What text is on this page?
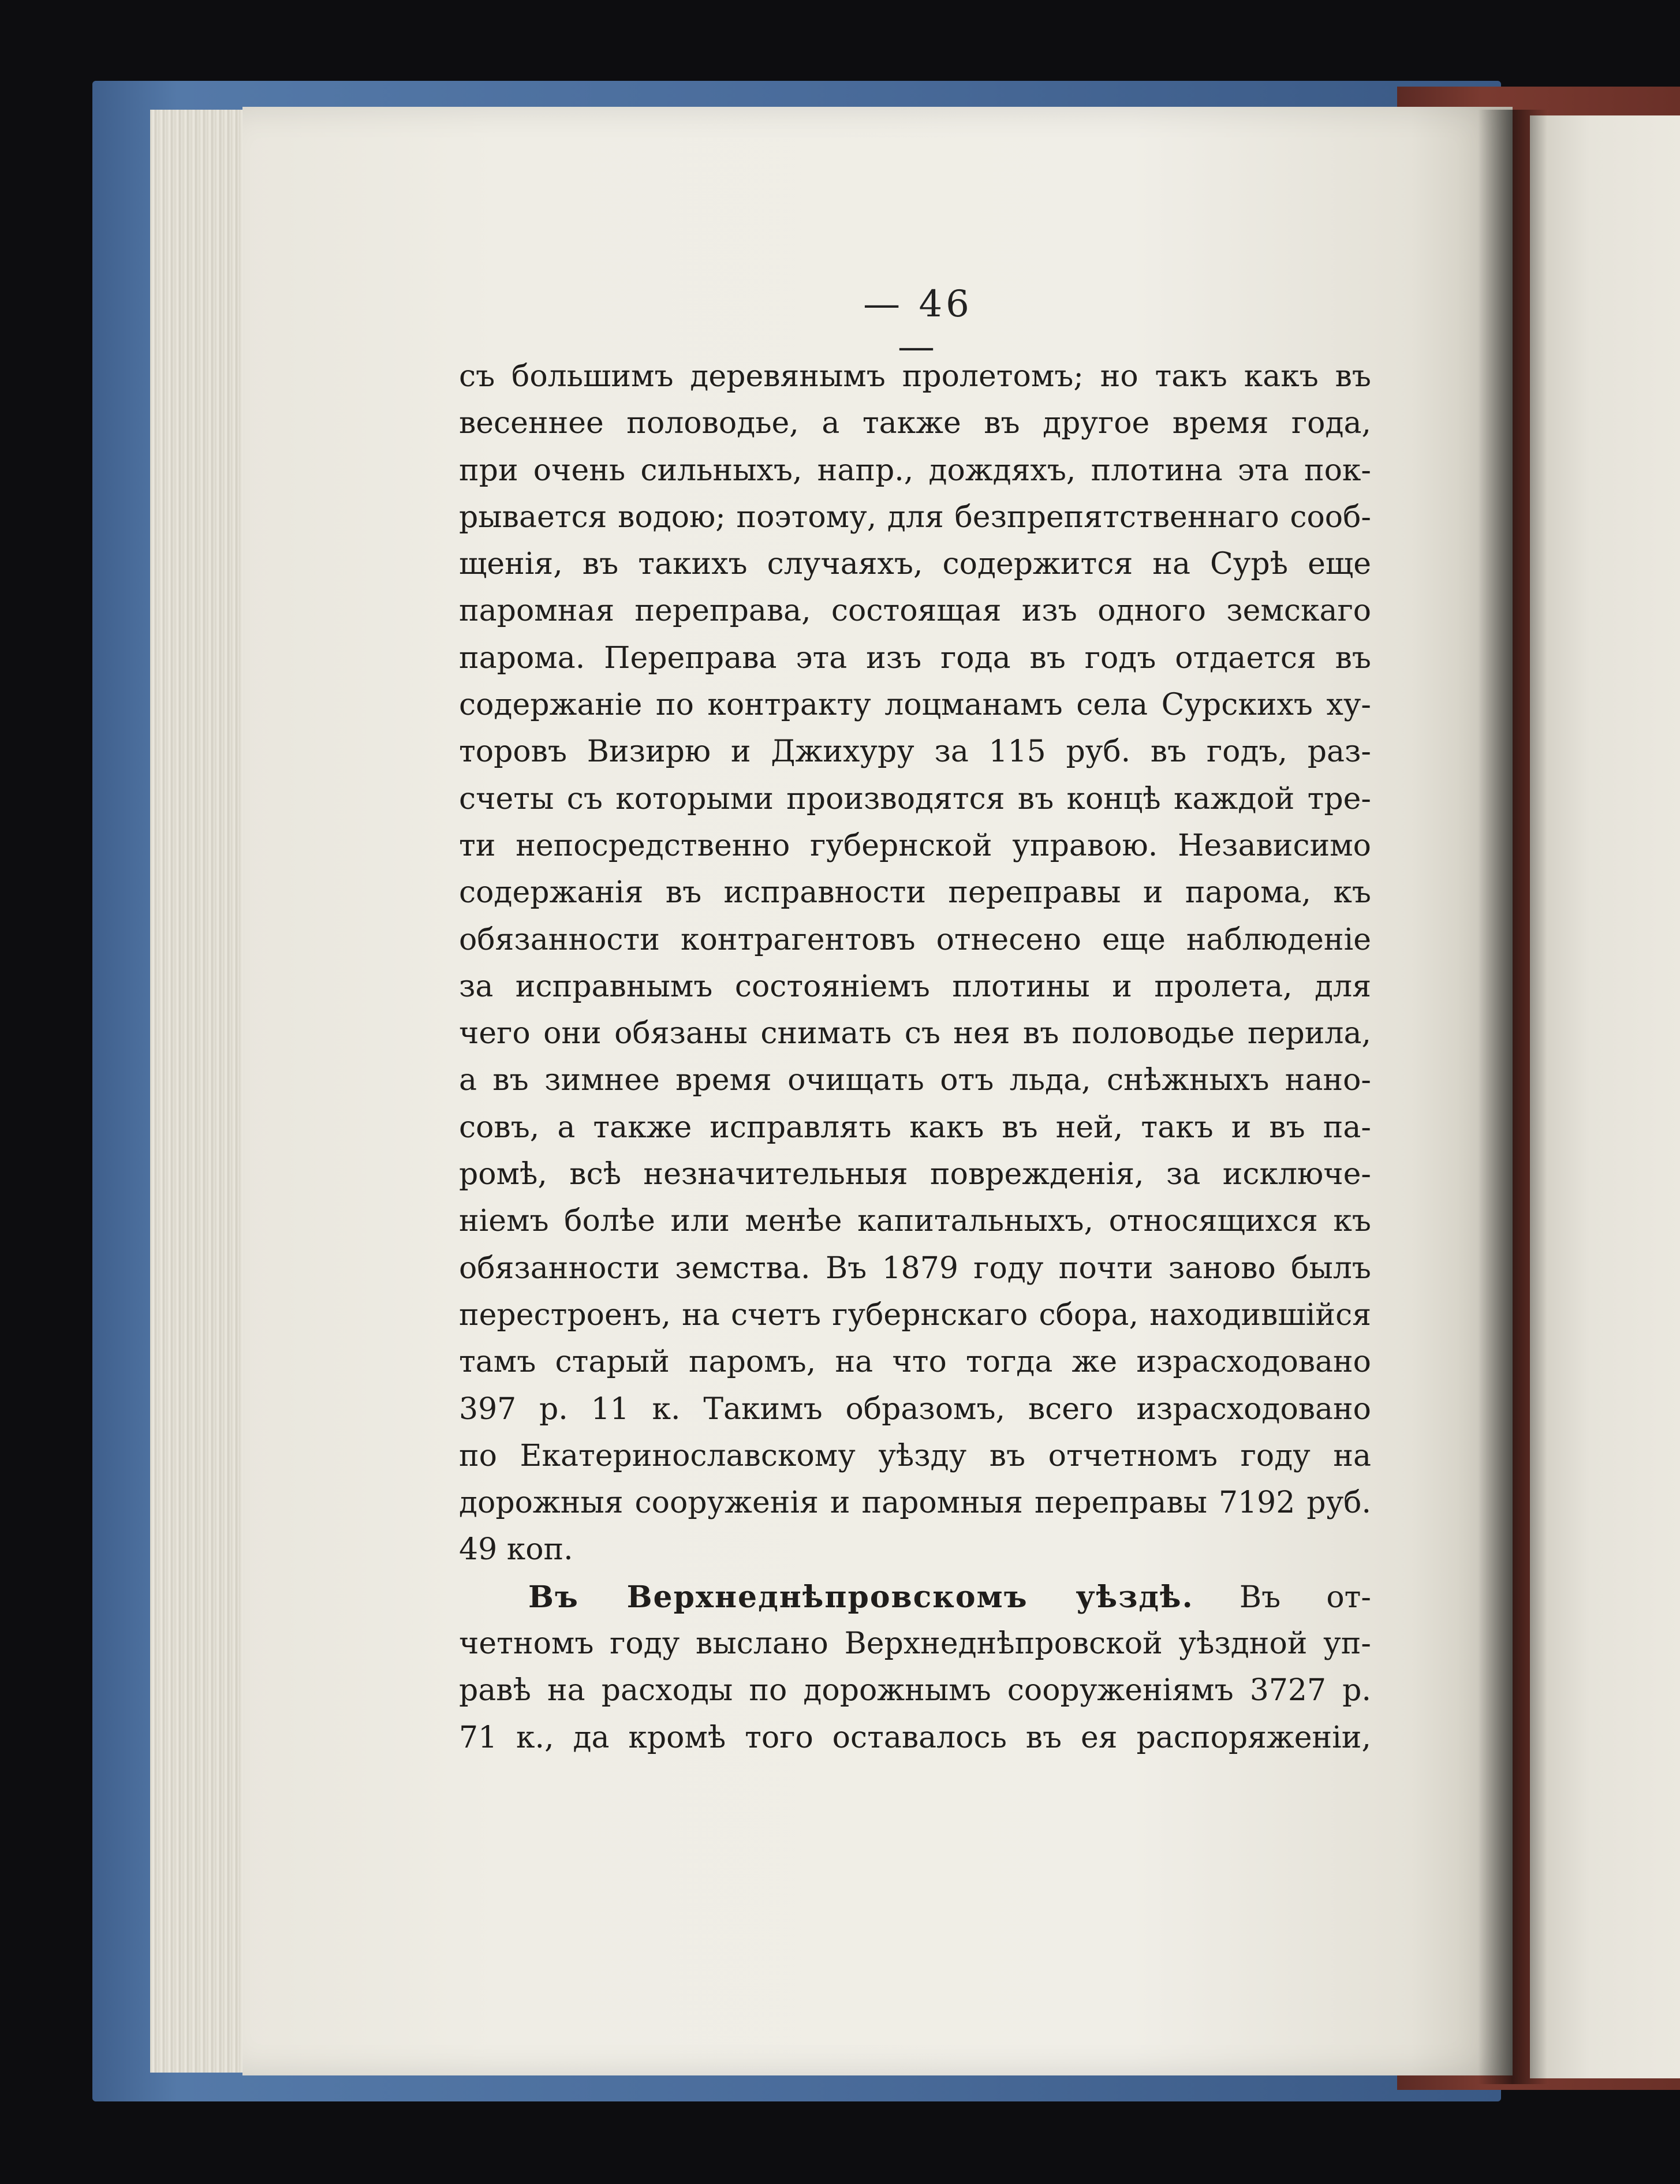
— 46 —
съ большимъ деревянымъ пролетомъ; но такъ какъ въ
весеннее половодье, а также въ другое время года,
при очень сильныхъ, напр., дождяхъ, плотина эта пок-
рывается водою; поэтому, для безпрепятственнаго сооб-
щенія, въ такихъ случаяхъ, содержится на Сурѣ еще
паромная переправа, состоящая изъ одного земскаго
парома. Переправа эта изъ года въ годъ отдается въ
содержаніе по контракту лоцманамъ села Сурскихъ ху-
торовъ Визирю и Джихуру за 115 руб. въ годъ, раз-
счеты съ которыми производятся въ концѣ каждой тре-
ти непосредственно губернской управою. Независимо
содержанія въ исправности переправы и парома, къ
обязанности контрагентовъ отнесено еще наблюденіе
за исправнымъ состояніемъ плотины и пролета, для
чего они обязаны снимать съ нея въ половодье перила,
а въ зимнее время очищать отъ льда, снѣжныхъ нано-
совъ, а также исправлять какъ въ ней, такъ и въ па-
ромѣ, всѣ незначительныя поврежденія, за исключе-
ніемъ болѣе или менѣе капитальныхъ, относящихся къ
обязанности земства. Въ 1879 году почти заново былъ
перестроенъ, на счетъ губернскаго сбора, находившійся
тамъ старый паромъ, на что тогда же израсходовано
397 р. 11 к. Такимъ образомъ, всего израсходовано
по Екатеринославскому уѣзду въ отчетномъ году на
дорожныя сооруженія и паромныя переправы 7192 руб.
49 коп.
Въ Верхнеднѣпровскомъ уѣздѣ. Въ от-
четномъ году выслано Верхнеднѣпровской уѣздной уп-
равѣ на расходы по дорожнымъ сооруженіямъ 3727 р.
71 к., да кромѣ того оставалось въ ея распоряженіи,
